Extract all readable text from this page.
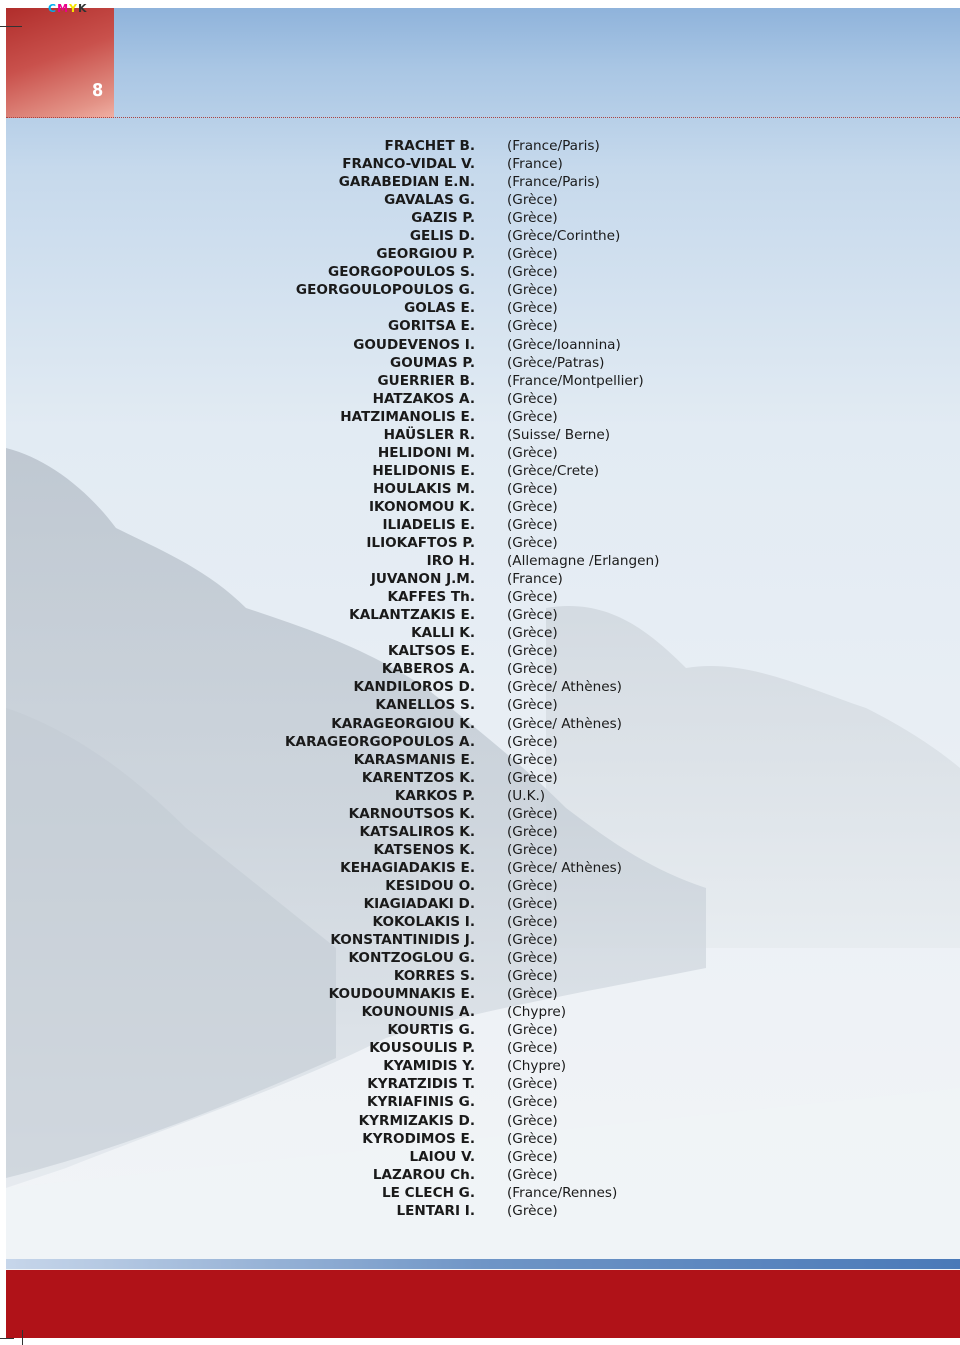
CMYK
8
FRACHET B. (France/Paris)
FRANCO-VIDAL V. (France)
GARABEDIAN E.N. (France/Paris)
GAVALAS G. (Grèce)
GAZIS P. (Grèce)
GELIS D. (Grèce/Corinthe)
GEORGIOU P. (Grèce)
GEORGOPOULOS S. (Grèce)
GEORGOULOPOULOS G. (Grèce)
GOLAS E. (Grèce)
GORITSA E. (Grèce)
GOUDEVENOS I. (Grèce/Ioannina)
GOUMAS P. (Grèce/Patras)
GUERRIER B. (France/Montpellier)
HATZAKOS A. (Grèce)
HATZIMANOLIS E. (Grèce)
HAÜSLER R. (Suisse/ Berne)
HELIDONI M. (Grèce)
HELIDONIS E. (Grèce/Crete)
HOULAKIS M. (Grèce)
IKONOMOU K. (Grèce)
ILIADELIS E. (Grèce)
ILIOKAFTOS P. (Grèce)
IRO H. (Allemagne /Erlangen)
JUVANON J.M. (France)
KAFFES Th. (Grèce)
KALANTZAKIS E. (Grèce)
KALLI K. (Grèce)
KALTSOS E. (Grèce)
KABEROS A. (Grèce)
KANDILOROS D. (Grèce/ Athènes)
KANELLOS S. (Grèce)
KARAGEORGIOU K. (Grèce/ Athènes)
KARAGEORGOPOULOS A. (Grèce)
KARASMANIS E. (Grèce)
KARENTZOS K. (Grèce)
KARKOS P. (U.K.)
KARNOUTSOS K. (Grèce)
KATSALIROS K. (Grèce)
KATSENOS K. (Grèce)
KEHAGIADAKIS E. (Grèce/ Athènes)
KESIDOU O. (Grèce)
KIAGIADAKI D. (Grèce)
KOKOLAKIS I. (Grèce)
KONSTANTINIDIS J. (Grèce)
KONTZOGLOU G. (Grèce)
KORRES S. (Grèce)
KOUDOUMNAKIS E. (Grèce)
KOUNOUNIS A. (Chypre)
KOURTIS G. (Grèce)
KOUSOULIS P. (Grèce)
KYAMIDIS Y. (Chypre)
KYRATZIDIS T. (Grèce)
KYRIAFINIS G. (Grèce)
KYRMIZAKIS D. (Grèce)
KYRODIMOS E. (Grèce)
LAIOU V. (Grèce)
LAZAROU Ch. (Grèce)
LE CLECH G. (France/Rennes)
LENTARI I. (Grèce)
